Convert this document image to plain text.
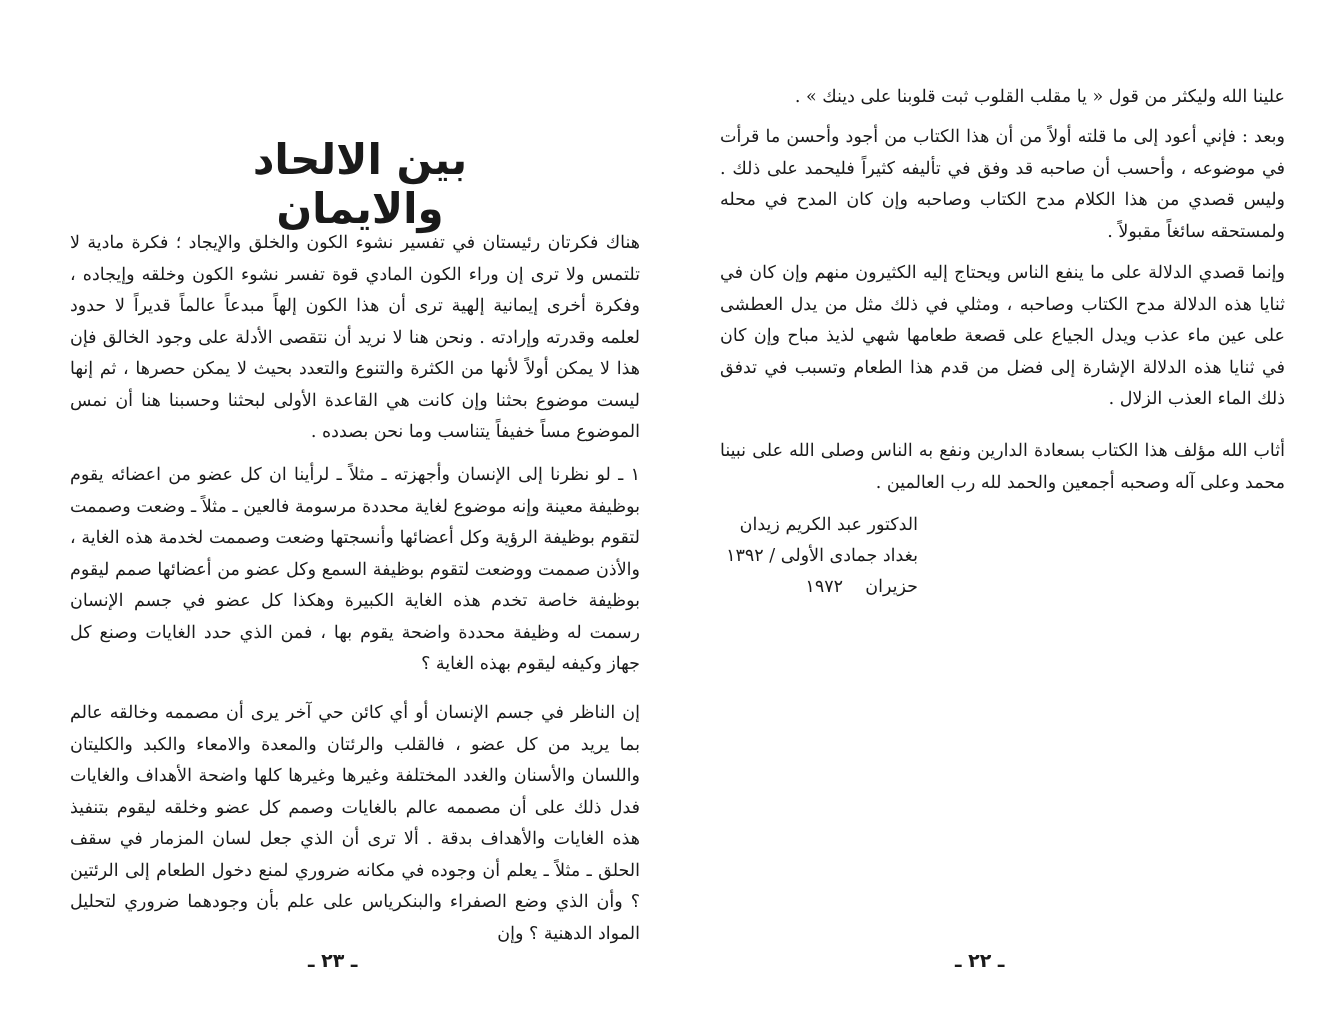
بين الالحاد والايمان

هناك فكرتان رئيستان في تفسير نشوء الكون والخلق والإيجاد ؛ فكرة مادية لا تلتمس ولا ترى إن وراء الكون المادي قوة تفسر نشوء الكون وخلقه وإيجاده ، وفكرة أخرى إيمانية إلهية ترى أن هذا الكون إلهاً مبدعاً عالماً قديراً لا حدود لعلمه وقدرته وإرادته . ونحن هنا لا نريد أن نتقصى الأدلة على وجود الخالق فإن هذا لا يمكن أولاً لأنها من الكثرة والتنوع والتعدد بحيث لا يمكن حصرها ، ثم إنها ليست موضوع بحثنا وإن كانت هي القاعدة الأولى لبحثنا وحسبنا هنا أن نمس الموضوع مساً خفيفاً يتناسب وما نحن بصدده .

١ ـ لو نظرنا إلى الإنسان وأجهزته ـ مثلاً ـ لرأينا ان كل عضو من اعضائه يقوم بوظيفة معينة وإنه موضوع لغاية محددة مرسومة فالعين ـ مثلاً ـ وضعت وصممت لتقوم بوظيفة الرؤية وكل أعضائها وأنسجتها وضعت وصممت لخدمة هذه الغاية ، والأذن صممت ووضعت لتقوم بوظيفة السمع وكل عضو من أعضائها صمم ليقوم بوظيفة خاصة تخدم هذه الغاية الكبيرة وهكذا كل عضو في جسم الإنسان رسمت له وظيفة محددة واضحة يقوم بها ، فمن الذي حدد الغايات وصنع كل جهاز وكيفه ليقوم بهذه الغاية ؟

إن الناظر في جسم الإنسان أو أي كائن حي آخر يرى أن مصممه وخالقه عالم بما يريد من كل عضو ، فالقلب والرئتان والمعدة والامعاء والكبد والكليتان واللسان والأسنان والغدد المختلفة وغيرها وغيرها كلها واضحة الأهداف والغايات فدل ذلك على أن مصممه عالم بالغايات وصمم كل عضو وخلقه ليقوم بتنفيذ هذه الغايات والأهداف بدقة . ألا ترى أن الذي جعل لسان المزمار في سقف الحلق ـ مثلاً ـ يعلم أن وجوده في مكانه ضروري لمنع دخول الطعام إلى الرئتين ؟ وأن الذي وضع الصفراء والبنكرياس على علم بأن وجودهما ضروري لتحليل المواد الدهنية ؟ وإن

ـ ٢٣ ـ

علينا الله وليكثر من قول « يا مقلب القلوب ثبت قلوبنا على دينك » .

وبعد : فإني أعود إلى ما قلته أولاً من أن هذا الكتاب من أجود وأحسن ما قرأت في موضوعه ، وأحسب أن صاحبه قد وفق في تأليفه كثيراً فليحمد على ذلك . وليس قصدي من هذا الكلام مدح الكتاب وصاحبه وإن كان المدح في محله ولمستحقه سائغاً مقبولاً .

وإنما قصدي الدلالة على ما ينفع الناس ويحتاج إليه الكثيرون منهم وإن كان في ثنايا هذه الدلالة مدح الكتاب وصاحبه ، ومثلي في ذلك مثل من يدل العطشى على عين ماء عذب ويدل الجياع على قصعة طعامها شهي لذيذ مباح وإن كان في ثنايا هذه الدلالة الإشارة إلى فضل من قدم هذا الطعام وتسبب في تدفق ذلك الماء العذب الزلال .

أثاب الله مؤلف هذا الكتاب بسعادة الدارين ونفع به الناس وصلى الله على نبينا محمد وعلى آله وصحبه أجمعين والحمد لله رب العالمين .

الدكتور عبد الكريم زيدان
بغداد جمادى الأولى / ١٣٩٢
حزيران    ١٩٧٢
ـ ٢٢ ـ
